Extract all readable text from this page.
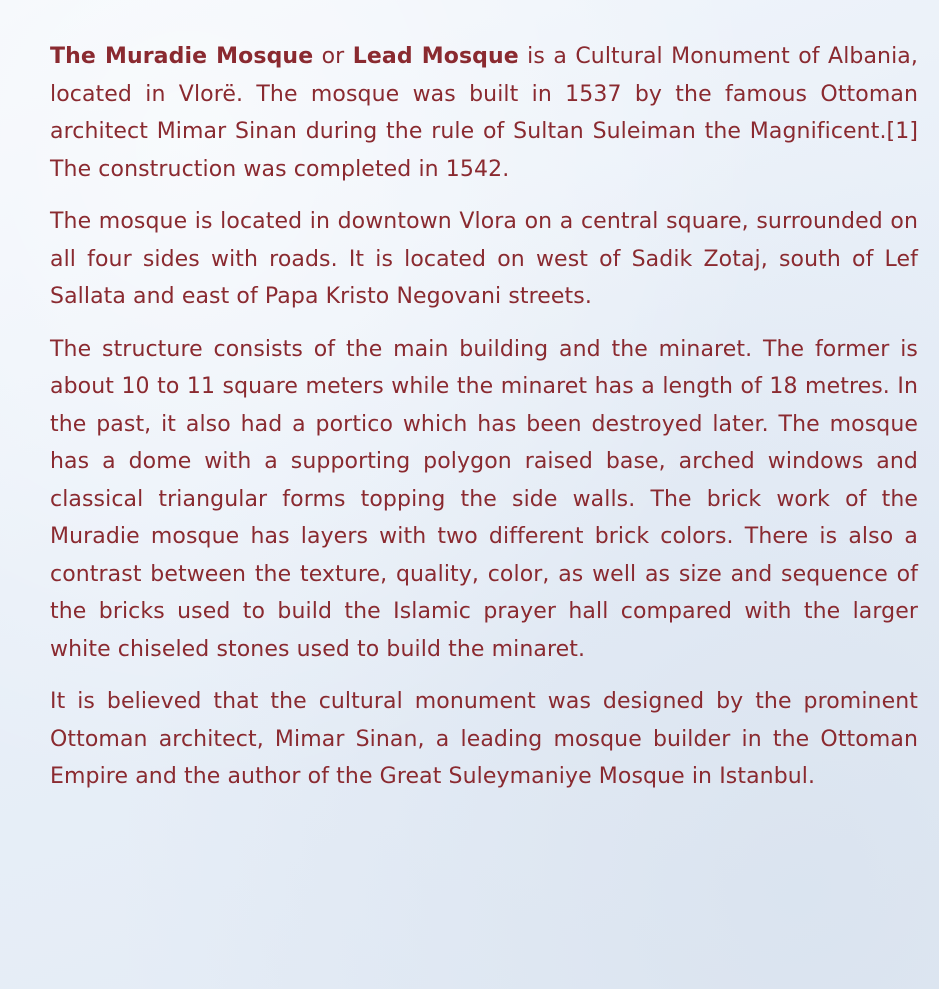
The Muradie Mosque or Lead Mosque is a Cultural Monument of Albania, located in Vlorë. The mosque was built in 1537 by the famous Ottoman architect Mimar Sinan during the rule of Sultan Suleiman the Magnificent.[1] The construction was completed in 1542.

The mosque is located in downtown Vlora on a central square, surrounded on all four sides with roads. It is located on west of Sadik Zotaj, south of Lef Sallata and east of Papa Kristo Negovani streets.

The structure consists of the main building and the minaret. The former is about 10 to 11 square meters while the minaret has a length of 18 metres. In the past, it also had a portico which has been destroyed later. The mosque has a dome with a supporting polygon raised base, arched windows and classical triangular forms topping the side walls. The brick work of the Muradie mosque has layers with two different brick colors. There is also a contrast between the texture, quality, color, as well as size and sequence of the bricks used to build the Islamic prayer hall compared with the larger white chiseled stones used to build the minaret.

It is believed that the cultural monument was designed by the prominent Ottoman architect, Mimar Sinan, a leading mosque builder in the Ottoman Empire and the author of the Great Suleymaniye Mosque in Istanbul.
